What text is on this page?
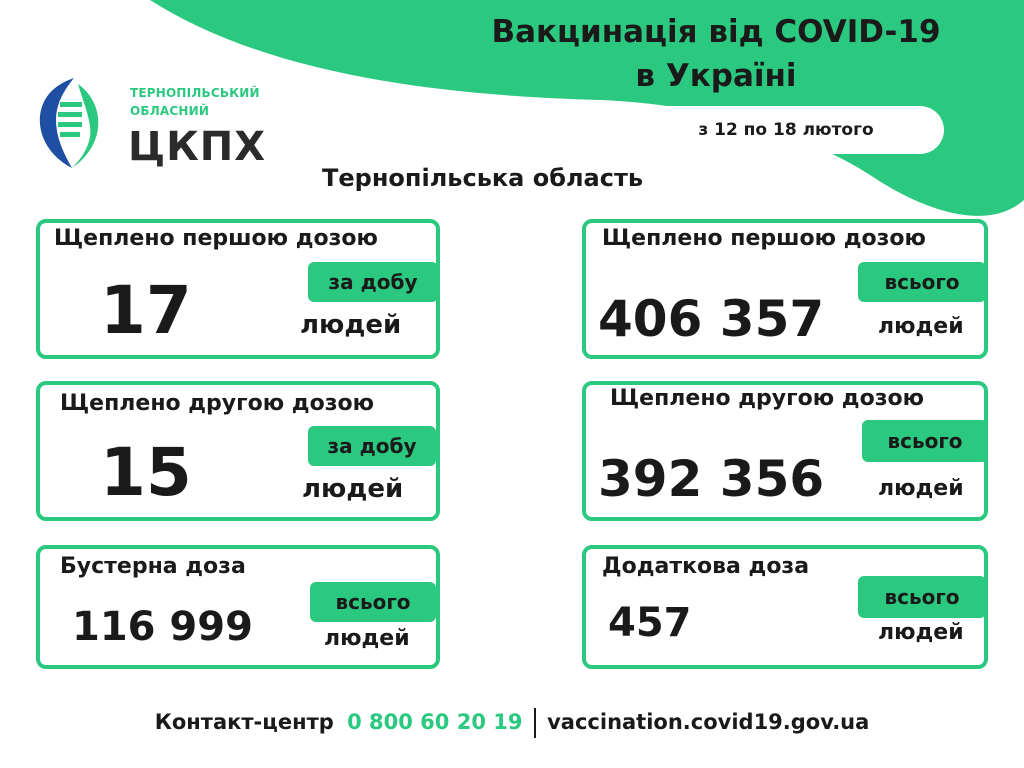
Вакцинація від COVID-19
в Україні
з 12 по 18 лютого
ТЕРНОПІЛЬСЬКИЙ
ОБЛАСНИЙ
ЦКПХ
Тернопільська область
Щеплено першою дозою
за добу
17	людей
Щеплено першою дозою
всього
406 357 людей
Щеплено другою дозою
за добу
15	людей
Щеплено другою дозою
всього
392 356 людей
Бустерна доза
всього
116 999	людей
Додаткова доза
всього
457	людей
Контакт-центр 0 800 60 20 19 vaccination.covid19.gov.ua
